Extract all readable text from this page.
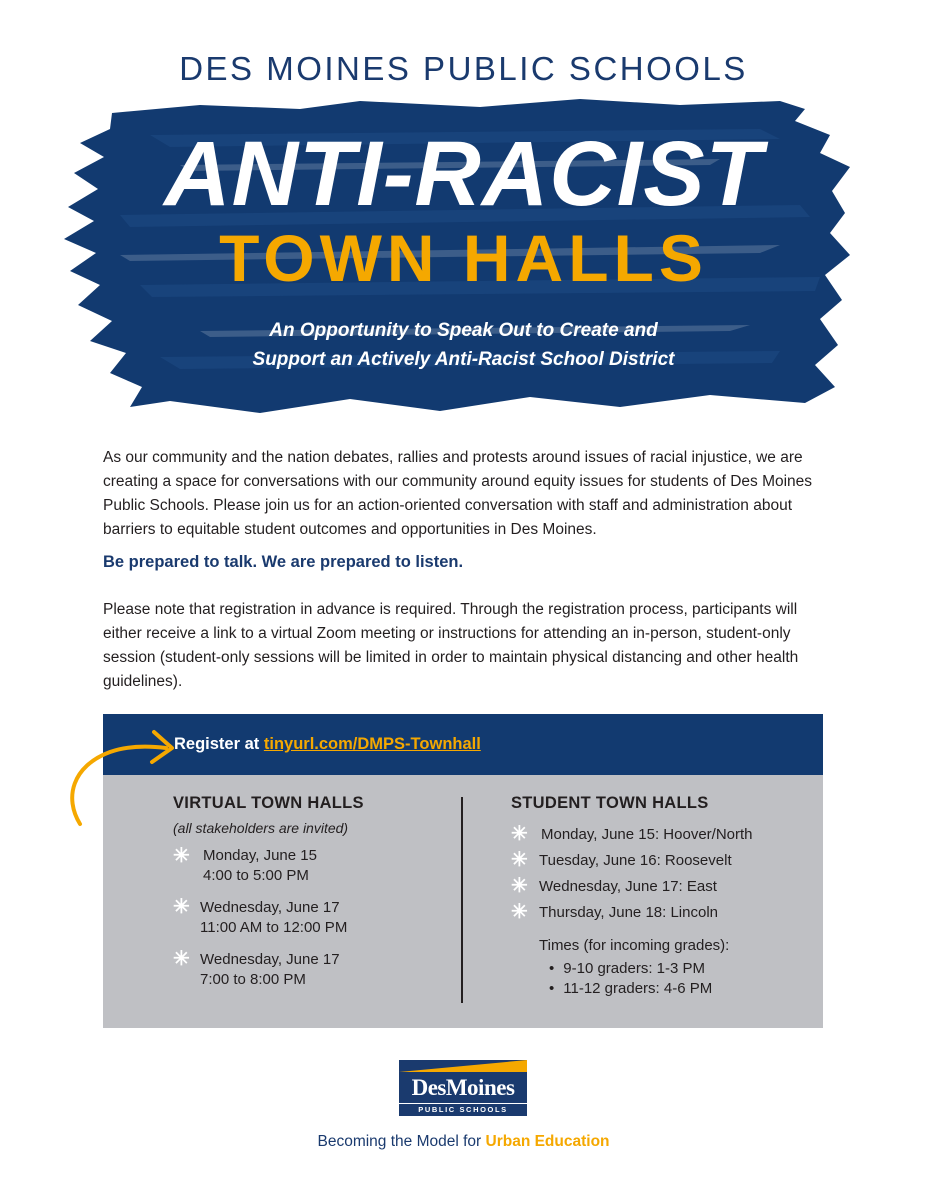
DES MOINES PUBLIC SCHOOLS
ANTI-RACIST
TOWN HALLS
An Opportunity to Speak Out to Create and
Support an Actively Anti-Racist School District

As our community and the nation debates, rallies and protests around issues of racial injustice, we are creating a space for conversations with our community around equity issues for students of Des Moines Public Schools. Please join us for an action-oriented conversation with staff and administration about barriers to equitable student outcomes and opportunities in Des Moines.

Be prepared to talk. We are prepared to listen.

Please note that registration in advance is required. Through the registration process, participants will either receive a link to a virtual Zoom meeting or instructions for attending an in-person, student-only session (student-only sessions will be limited in order to maintain physical distancing and other health guidelines).

Register at tinyurl.com/DMPS-Townhall
VIRTUAL TOWN HALLS
(all stakeholders are invited)
✳ Monday, June 15
4:00 to 5:00 PM
✳ Wednesday, June 17
11:00 AM to 12:00 PM
✳ Wednesday, June 17
7:00 to 8:00 PM
STUDENT TOWN HALLS
✳ Monday, June 15: Hoover/North
✳ Tuesday, June 16: Roosevelt
✳ Wednesday, June 17: East
✳ Thursday, June 18: Lincoln
Times (for incoming grades):
• 9-10 graders: 1-3 PM
• 11-12 graders: 4-6 PM
DesMoines
PUBLIC SCHOOLS
Becoming the Model for Urban Education
